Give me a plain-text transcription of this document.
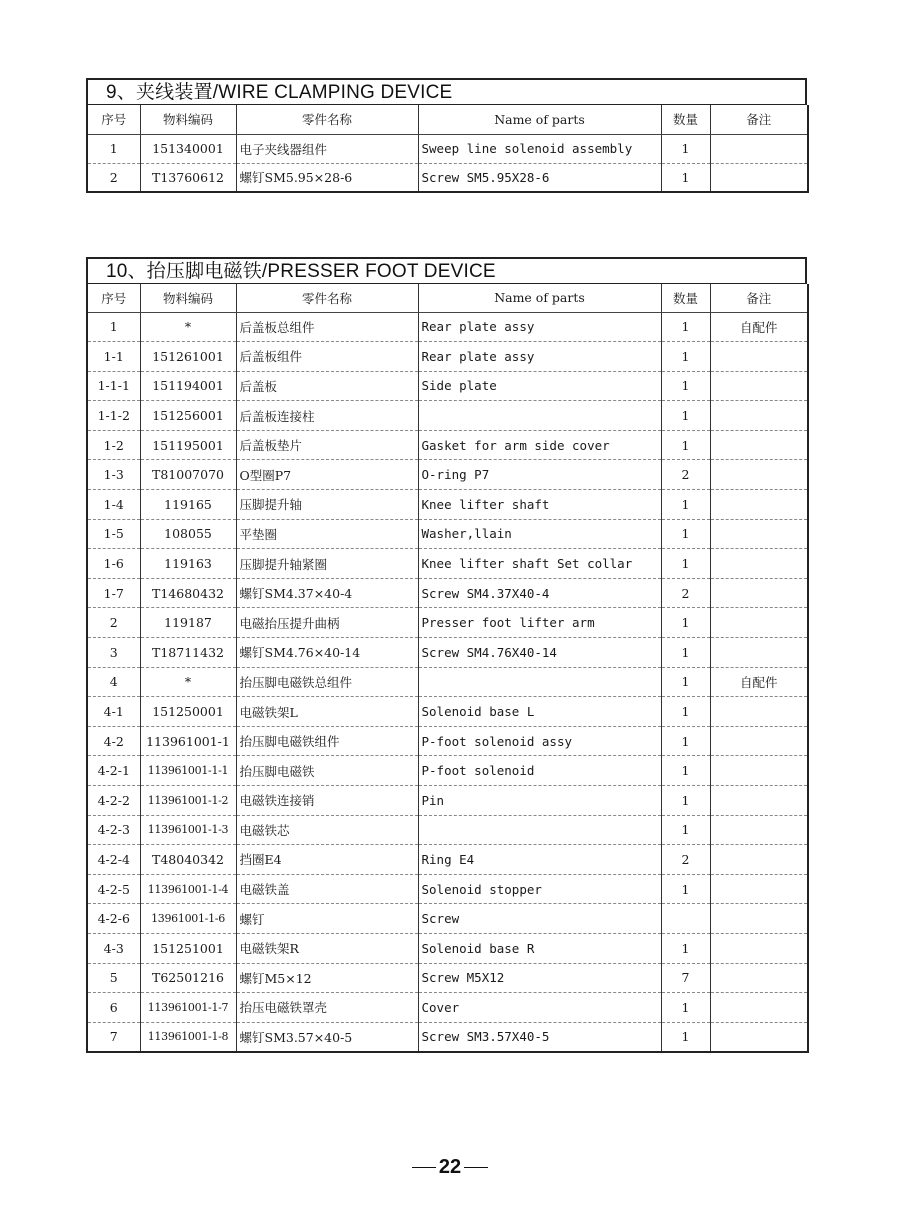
9、夹线装置/WIRE CLAMPING DEVICE
序号	物料编码	零件名称	Name of parts	数量	备注
1	151340001	电子夹线器组件	Sweep line solenoid assembly	1	
2	T13760612	螺钉SM5.95×28-6	Screw SM5.95X28-6	1	
10、抬压脚电磁铁/PRESSER FOOT DEVICE
序号	物料编码	零件名称	Name of parts	数量	备注
1	*	后盖板总组件	Rear plate assy	1	自配件
1-1	151261001	后盖板组件	Rear plate assy	1	
1-1-1	151194001	后盖板	Side plate	1	
1-1-2	151256001	后盖板连接柱		1	
1-2	151195001	后盖板垫片	Gasket for arm side cover	1	
1-3	T81007070	O型圈P7	O-ring P7	2	
1-4	119165	压脚提升轴	Knee lifter shaft	1	
1-5	108055	平垫圈	Washer,llain	1	
1-6	119163	压脚提升轴紧圈	Knee lifter shaft Set collar	1	
1-7	T14680432	螺钉SM4.37×40-4	Screw SM4.37X40-4	2	
2	119187	电磁抬压提升曲柄	Presser foot lifter arm	1	
3	T18711432	螺钉SM4.76×40-14	Screw SM4.76X40-14	1	
4	*	抬压脚电磁铁总组件		1	自配件
4-1	151250001	电磁铁架L	Solenoid base L	1	
4-2	113961001-1	抬压脚电磁铁组件	P-foot solenoid assy	1	
4-2-1	113961001-1-1	抬压脚电磁铁	P-foot solenoid	1	
4-2-2	113961001-1-2	电磁铁连接销	Pin	1	
4-2-3	113961001-1-3	电磁铁芯		1	
4-2-4	T48040342	挡圈E4	Ring E4	2	
4-2-5	113961001-1-4	电磁铁盖	Solenoid stopper	1	
4-2-6	13961001-1-6	螺钉	Screw		
4-3	151251001	电磁铁架R	Solenoid base R	1	
5	T62501216	螺钉M5×12	Screw M5X12	7	
6	113961001-1-7	抬压电磁铁罩壳	Cover	1	
7	113961001-1-8	螺钉SM3.57×40-5	Screw SM3.57X40-5	1	
22
